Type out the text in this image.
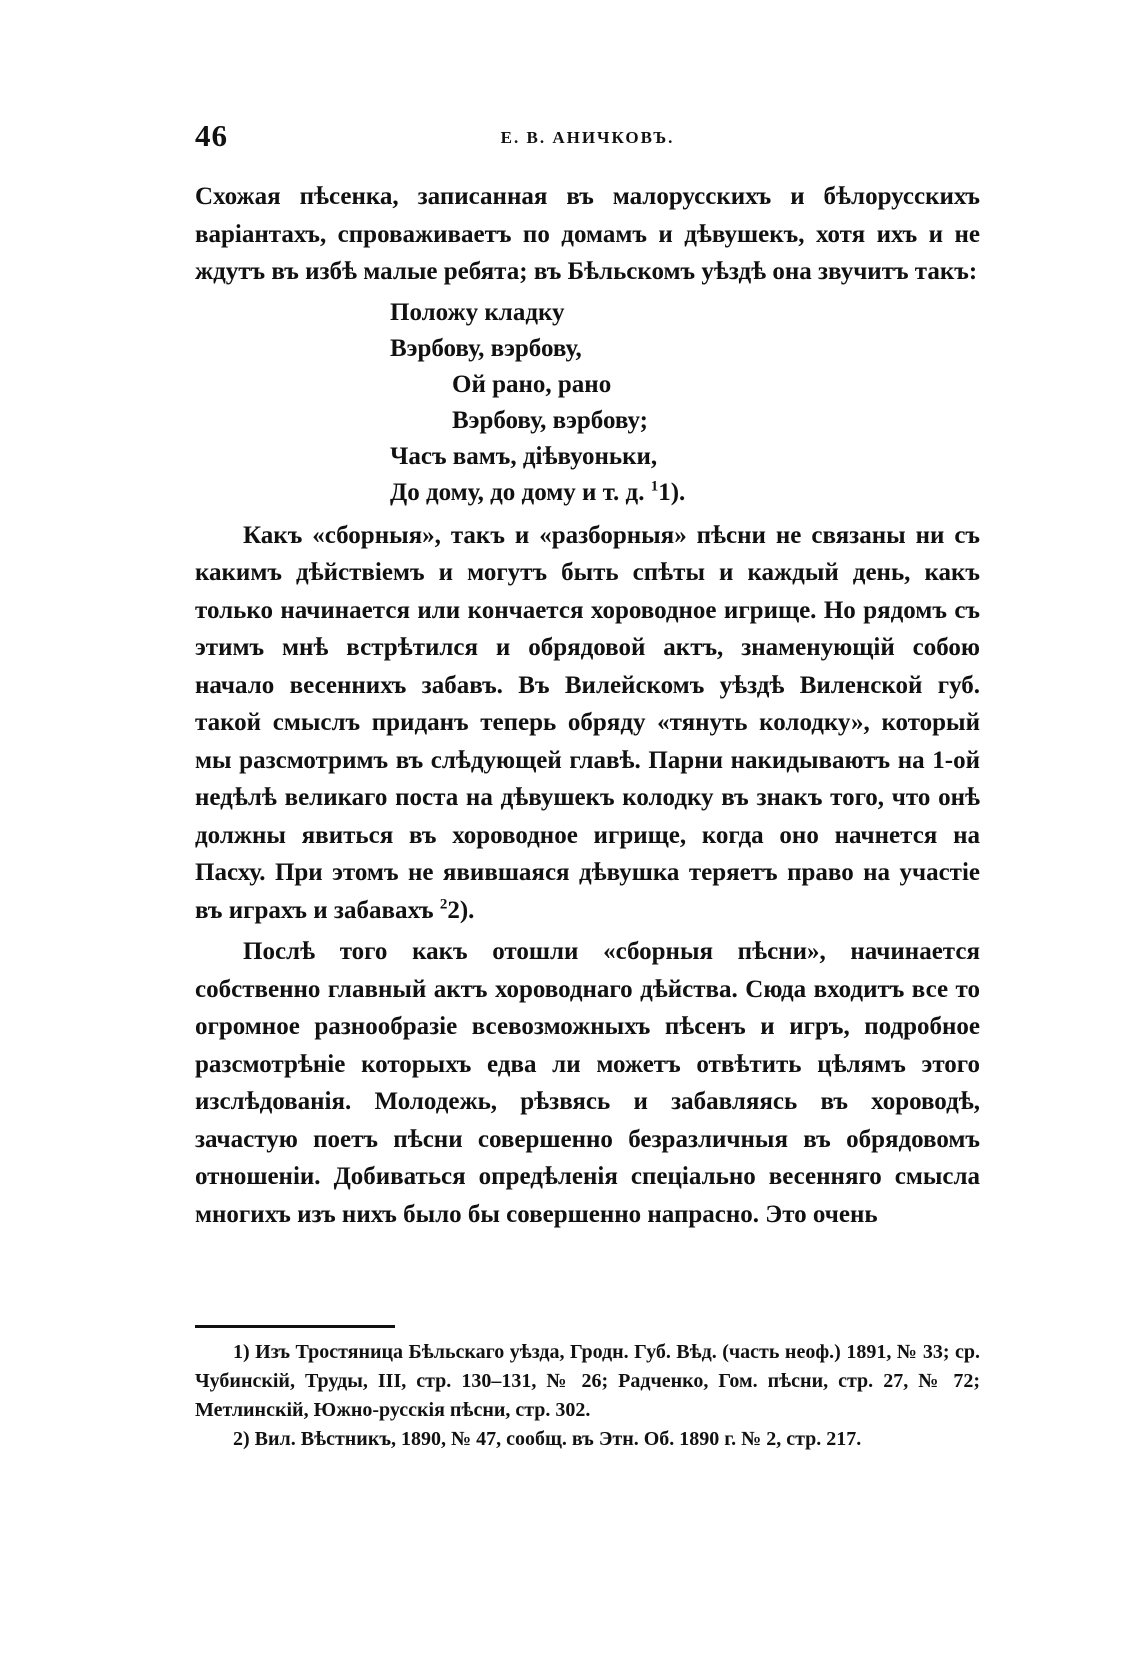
46	Е. В. АНИЧКОВЪ.

Схожая пѣсенка, записанная въ малорусскихъ и бѣлорусскихъ варіантахъ, спроваживаетъ по домамъ и дѣвушекъ, хотя ихъ и не ждутъ въ избѣ малые ребята; въ Бѣльскомъ уѣздѣ она звучитъ такъ:

Положу кладку
Вэрбову, вэрбову,
Ой рано, рано
Вэрбову, вэрбову;
Часъ вамъ, діѣвуоньки,
До дому, до дому и т. д. $^1$1).

Какъ «сборныя», такъ и «разборныя» пѣсни не связаны ни съ какимъ дѣйствіемъ и могутъ быть спѣты и каждый день, какъ только начинается или кончается хороводное игрище. Но рядомъ съ этимъ мнѣ встрѣтился и обрядовой актъ, знаменующій собою начало весеннихъ забавъ. Въ Вилейскомъ уѣздѣ Виленской губ. такой смыслъ приданъ теперь обряду «тянуть колодку», который мы разсмотримъ въ слѣдующей главѣ. Парни накидываютъ на 1-ой недѣлѣ великаго поста на дѣвушекъ колодку въ знакъ того, что онѣ должны явиться въ хороводное игрище, когда оно начнется на Пасху. При этомъ не явившаяся дѣвушка теряетъ право на участіе въ играхъ и забавахъ $^2$2).

Послѣ того какъ отошли «сборныя пѣсни», начинается собственно главный актъ хороводнаго дѣйства. Сюда входитъ все то огромное разнообразіе всевозможныхъ пѣсенъ и игръ, подробное разсмотрѣніе которыхъ едва ли можетъ отвѣтить цѣлямъ этого изслѣдованія. Молодежь, рѣзвясь и забавляясь въ хороводѣ, зачастую поетъ пѣсни совершенно безразличныя въ обрядовомъ отношеніи. Добиваться опредѣленія спеціально весенняго смысла многихъ изъ нихъ было бы совершенно напрасно. Это очень

1) Изъ Тростяница Бѣльскаго уѣзда, Гродн. Губ. Вѣд. (часть неоф.) 1891, № 33; ср. Чубинскій, Труды, III, стр. 130–131, № 26; Радченко, Гом. пѣсни, стр. 27, № 72; Метлинскій, Южно-русскія пѣсни, стр. 302.

2) Вил. Вѣстникъ, 1890, № 47, сообщ. въ Этн. Об. 1890 г. № 2, стр. 217.
